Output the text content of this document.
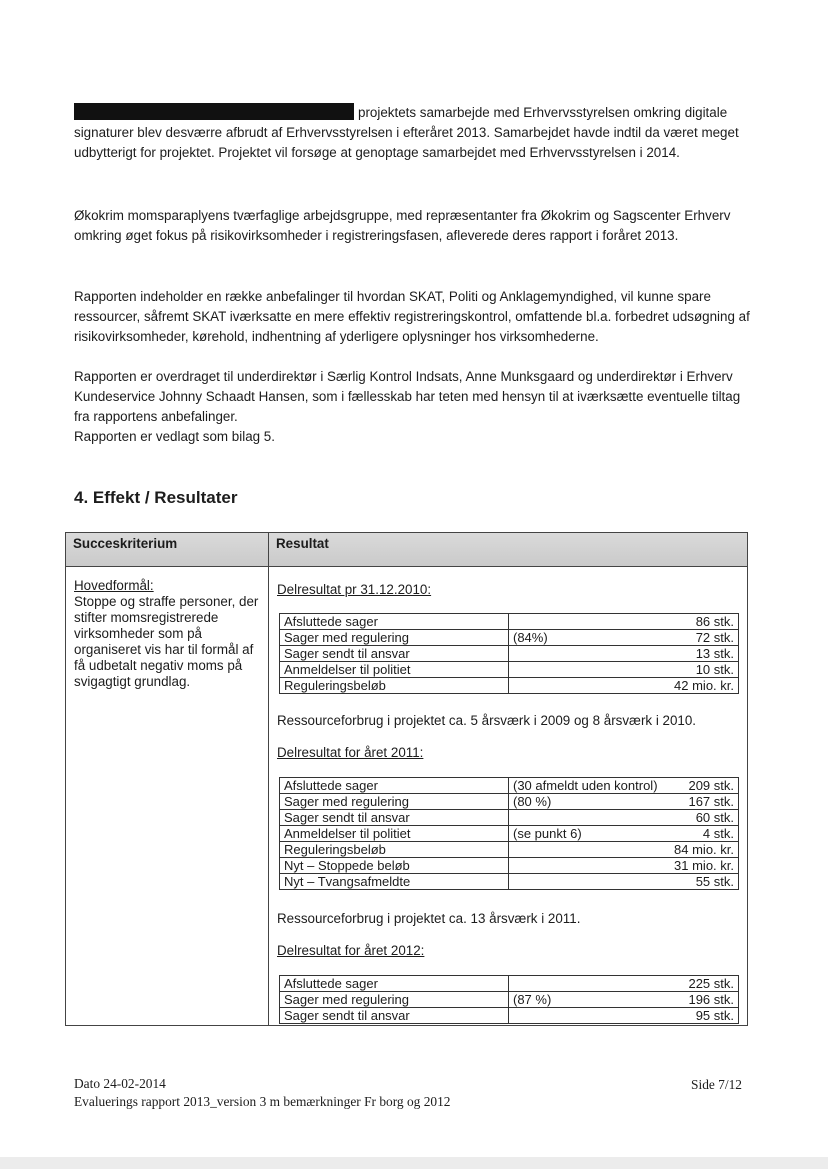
projektets samarbejde med Erhvervsstyrelsen omkring digitale signaturer blev desværre afbrudt af Erhvervsstyrelsen i efteråret 2013. Samarbejdet havde indtil da været meget udbytterigt for projektet. Projektet vil forsøge at genoptage samarbejdet med Erhvervsstyrelsen i 2014.

Økokrim momsparaplyens tværfaglige arbejdsgruppe, med repræsentanter fra Økokrim og Sagscenter Erhverv omkring øget fokus på risikovirksomheder i registreringsfasen, afleverede deres rapport i foråret 2013.

Rapporten indeholder en række anbefalinger til hvordan SKAT, Politi og Anklagemyndighed, vil kunne spare ressourcer, såfremt SKAT iværksatte en mere effektiv registreringskontrol, omfattende bl.a. forbedret udsøgning af risikovirksomheder, kørehold, indhentning af yderligere oplysninger hos virksomhederne.

Rapporten er overdraget til underdirektør i Særlig Kontrol Indsats, Anne Munksgaard og underdirektør i Erhverv Kundeservice Johnny Schaadt Hansen, som i fællesskab har teten med hensyn til at iværksætte eventuelle tiltag fra rapportens anbefalinger.

Rapporten er vedlagt som bilag 5.

4. Effekt / Resultater
Succeskriterium	Resultat
Hovedformål:
Stoppe og straffe personer, der stifter momsregistrerede virksomheder som på organiseret vis har til formål af få udbetalt negativ moms på svigagtigt grundlag.

Delresultat pr 31.12.2010:

Afsluttede sager	86 stk.

Sager med regulering	(84%) 72 stk.

Sager sendt til ansvar	13 stk.

Anmeldelser til politiet	10 stk.

Reguleringsbeløb	42 mio. kr.

Ressourceforbrug i projektet ca. 5 årsværk i 2009 og 8 årsværk i 2010.

Delresultat for året 2011:

Afsluttede sager	(30 afmeldt uden kontrol) 209 stk.

Sager med regulering	(80 %) 167 stk.

Sager sendt til ansvar	60 stk.

Anmeldelser til politiet	(se punkt 6) 4 stk.

Reguleringsbeløb	84 mio. kr.

Nyt – Stoppede beløb	31 mio. kr.

Nyt – Tvangsafmeldte	55 stk.

Ressourceforbrug i projektet ca. 13 årsværk i 2011.

Delresultat for året 2012:

Afsluttede sager	225 stk.

Sager med regulering	(87 %) 196 stk.

Sager sendt til ansvar	95 stk.
Dato 24-02-2014
Evaluerings rapport 2013_version 3 m bemærkninger Fr borg og 2012
Side 7/12
